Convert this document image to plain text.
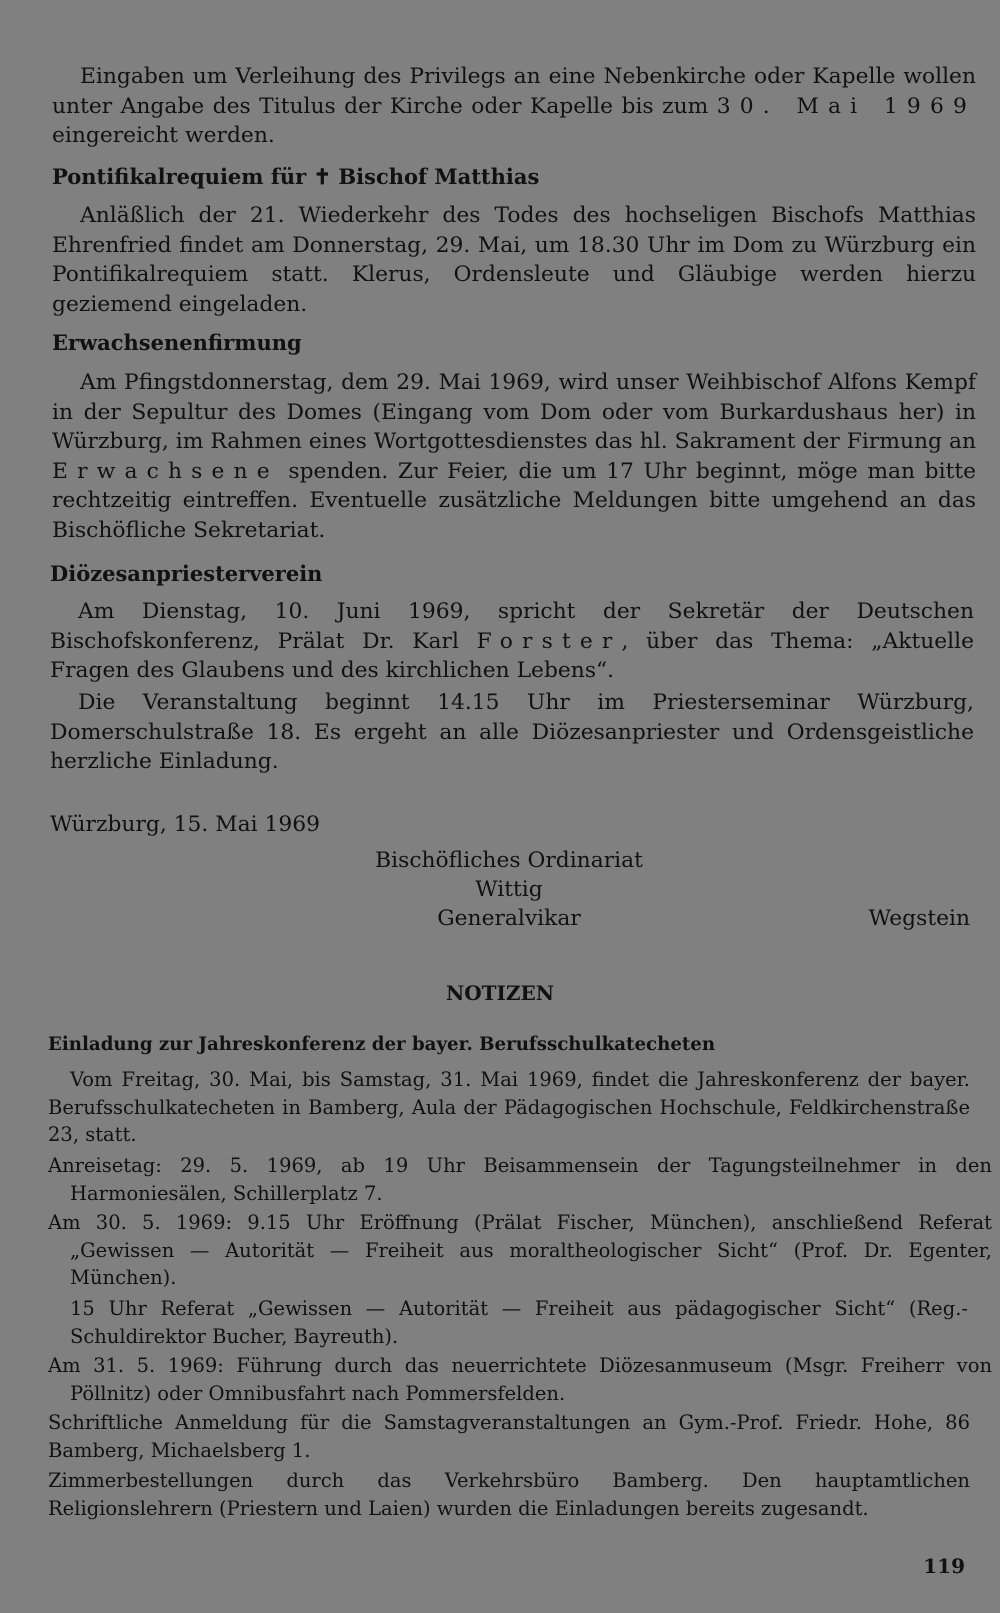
Eingaben um Verleihung des Privilegs an eine Nebenkirche oder Kapelle wollen unter Angabe des Titulus der Kirche oder Kapelle bis zum 30. Mai 1969 eingereicht werden.
Pontifikalrequiem für ✝ Bischof Matthias
Anläßlich der 21. Wiederkehr des Todes des hochseligen Bischofs Matthias Ehrenfried findet am Donnerstag, 29. Mai, um 18.30 Uhr im Dom zu Würzburg ein Pontifikalrequiem statt. Klerus, Ordensleute und Gläubige werden hierzu geziemend eingeladen.
Erwachsenenfirmung
Am Pfingstdonnerstag, dem 29. Mai 1969, wird unser Weihbischof Alfons Kempf in der Sepultur des Domes (Eingang vom Dom oder vom Burkardushaus her) in Würzburg, im Rahmen eines Wortgottesdienstes das hl. Sakrament der Firmung an Erwachsene spenden. Zur Feier, die um 17 Uhr beginnt, möge man bitte rechtzeitig eintreffen. Eventuelle zusätzliche Meldungen bitte umgehend an das Bischöfliche Sekretariat.
Diözesanpriesterverein
Am Dienstag, 10. Juni 1969, spricht der Sekretär der Deutschen Bischofskonferenz, Prälat Dr. Karl Forster, über das Thema: „Aktuelle Fragen des Glaubens und des kirchlichen Lebens“.
Die Veranstaltung beginnt 14.15 Uhr im Priesterseminar Würzburg, Domerschulstraße 18. Es ergeht an alle Diözesanpriester und Ordensgeistliche herzliche Einladung.
Würzburg, 15. Mai 1969
Bischöfliches Ordinariat
Wittig
Generalvikar	Wegstein
NOTIZEN
Einladung zur Jahreskonferenz der bayer. Berufsschulkatecheten
Vom Freitag, 30. Mai, bis Samstag, 31. Mai 1969, findet die Jahreskonferenz der bayer. Berufsschulkatecheten in Bamberg, Aula der Pädagogischen Hochschule, Feldkirchenstraße 23, statt.
Anreisetag: 29. 5. 1969, ab 19 Uhr Beisammensein der Tagungsteilnehmer in den Harmoniesälen, Schillerplatz 7.
Am 30. 5. 1969: 9.15 Uhr Eröffnung (Prälat Fischer, München), anschließend Referat „Gewissen — Autorität — Freiheit aus moraltheologischer Sicht“ (Prof. Dr. Egenter, München).
15 Uhr Referat „Gewissen — Autorität — Freiheit aus pädagogischer Sicht“ (Reg.-Schuldirektor Bucher, Bayreuth).
Am 31. 5. 1969: Führung durch das neuerrichtete Diözesanmuseum (Msgr. Freiherr von Pöllnitz) oder Omnibusfahrt nach Pommersfelden.
Schriftliche Anmeldung für die Samstagveranstaltungen an Gym.-Prof. Friedr. Hohe, 86 Bamberg, Michaelsberg 1.
Zimmerbestellungen durch das Verkehrsbüro Bamberg. Den hauptamtlichen Religionslehrern (Priestern und Laien) wurden die Einladungen bereits zugesandt.
119
